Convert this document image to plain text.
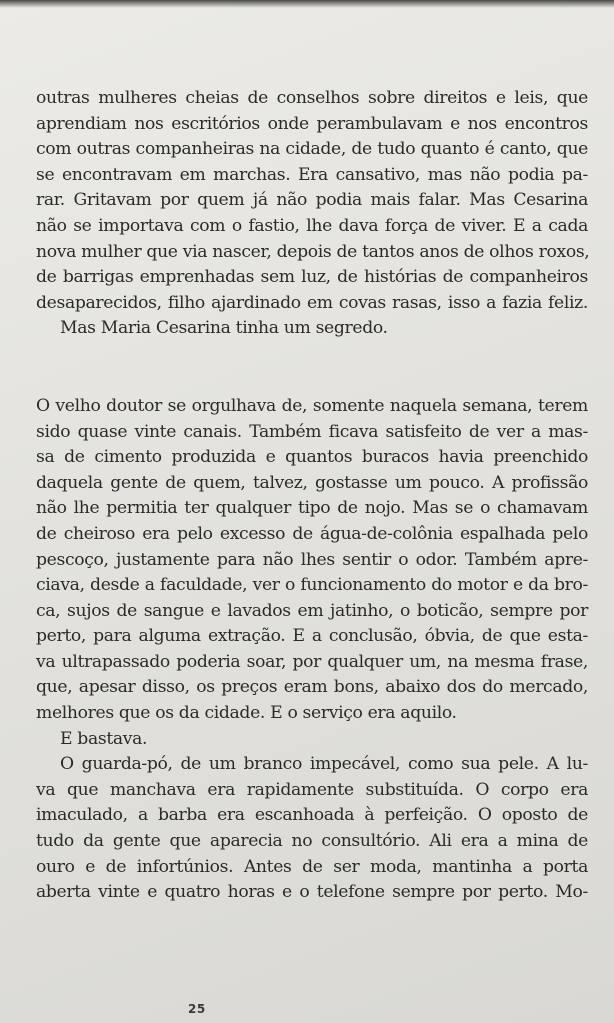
outras mulheres cheias de conselhos sobre direitos e leis, que
aprendiam nos escritórios onde perambulavam e nos encontros
com outras companheiras na cidade, de tudo quanto é canto, que
se encontravam em marchas. Era cansativo, mas não podia pa-
rar. Gritavam por quem já não podia mais falar. Mas Cesarina
não se importava com o fastio, lhe dava força de viver. E a cada
nova mulher que via nascer, depois de tantos anos de olhos roxos,
de barrigas emprenhadas sem luz, de histórias de companheiros
desaparecidos, filho ajardinado em covas rasas, isso a fazia feliz.
Mas Maria Cesarina tinha um segredo.
O velho doutor se orgulhava de, somente naquela semana, terem
sido quase vinte canais. Também ficava satisfeito de ver a mas-
sa de cimento produzida e quantos buracos havia preenchido
daquela gente de quem, talvez, gostasse um pouco. A profissão
não lhe permitia ter qualquer tipo de nojo. Mas se o chamavam
de cheiroso era pelo excesso de água-de-colônia espalhada pelo
pescoço, justamente para não lhes sentir o odor. Também apre-
ciava, desde a faculdade, ver o funcionamento do motor e da bro-
ca, sujos de sangue e lavados em jatinho, o boticão, sempre por
perto, para alguma extração. E a conclusão, óbvia, de que esta-
va ultrapassado poderia soar, por qualquer um, na mesma frase,
que, apesar disso, os preços eram bons, abaixo dos do mercado,
melhores que os da cidade. E o serviço era aquilo.
E bastava.
O guarda-pó, de um branco impecável, como sua pele. A lu-
va que manchava era rapidamente substituída. O corpo era
imaculado, a barba era escanhoada à perfeição. O oposto de
tudo da gente que aparecia no consultório. Ali era a mina de
ouro e de infortúnios. Antes de ser moda, mantinha a porta
aberta vinte e quatro horas e o telefone sempre por perto. Mo-
25
